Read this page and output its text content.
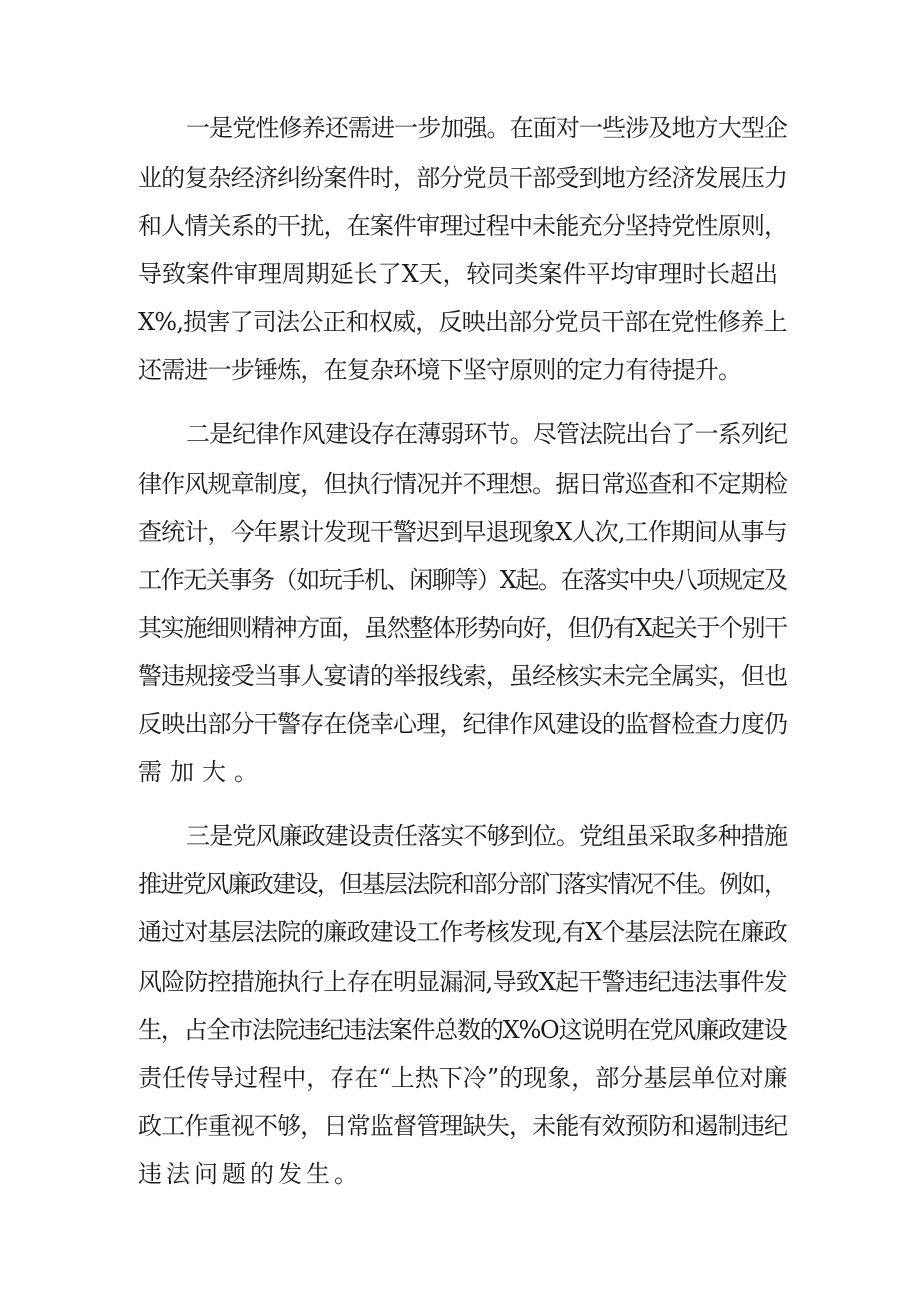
一是党性修养还需进一步加强。在面对一些涉及地方大型企

业的复杂经济纠纷案件时，部分党员干部受到地方经济发展压力

和人情关系的干扰，在案件审理过程中未能充分坚持党性原则，

导致案件审理周期延长了X天，较同类案件平均审理时长超出

X%,损害了司法公正和权威，反映出部分党员干部在党性修养上

还需进一步锤炼，在复杂环境下坚守原则的定力有待提升。

二是纪律作风建设存在薄弱环节。尽管法院出台了一系列纪

律作风规章制度，但执行情况并不理想。据日常巡查和不定期检

查统计，今年累计发现干警迟到早退现象X人次,工作期间从事与

工作无关事务（如玩手机、闲聊等）X起。在落实中央八项规定及

其实施细则精神方面，虽然整体形势向好，但仍有X起关于个别干

警违规接受当事人宴请的举报线索，虽经核实未完全属实，但也

反映出部分干警存在侥幸心理，纪律作风建设的监督检查力度仍

需加大。

三是党风廉政建设责任落实不够到位。党组虽采取多种措施

推进党风廉政建设，但基层法院和部分部门落实情况不佳。例如，

通过对基层法院的廉政建设工作考核发现,有X个基层法院在廉政

风险防控措施执行上存在明显漏洞,导致X起干警违纪违法事件发

生，占全市法院违纪违法案件总数的X%O这说明在党风廉政建设

责任传导过程中，存在“上热下冷”的现象，部分基层单位对廉

政工作重视不够，日常监督管理缺失，未能有效预防和遏制违纪

违法问题的发生。
